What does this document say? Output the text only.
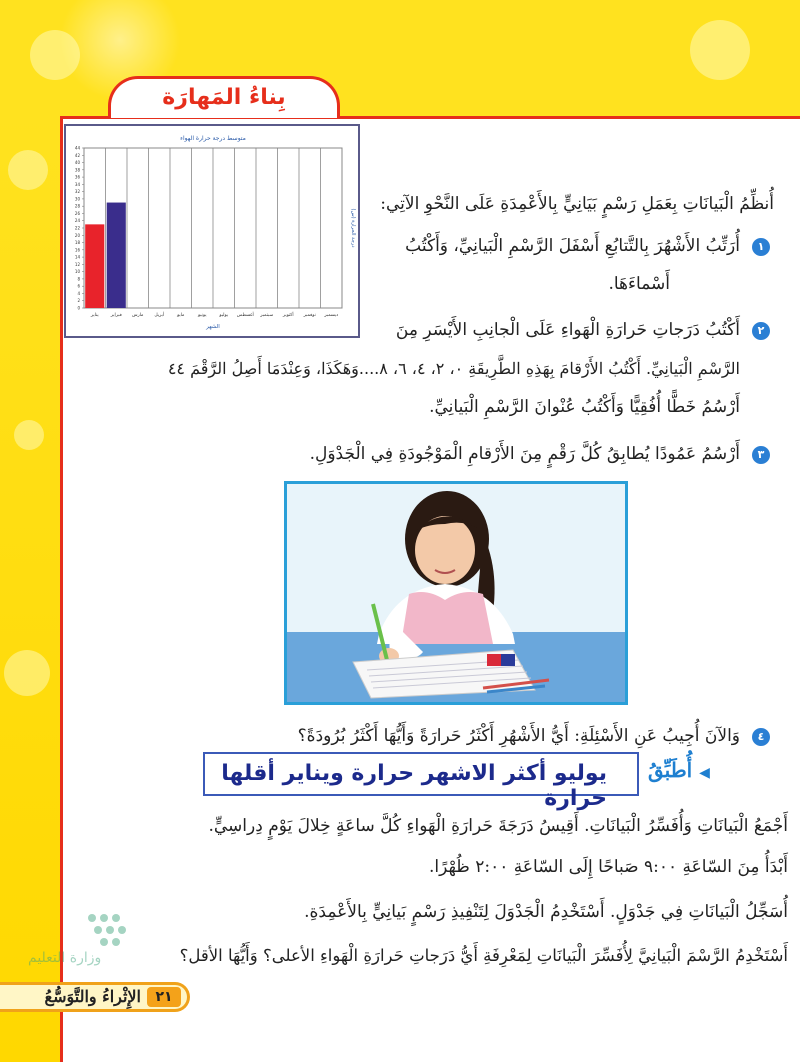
بِناءُ المَهارَة
متوسط درجة حرارة الهواء
0
2
4
6
8
10
12
14
16
18
20
22
24
26
28
30
32
34
36
38
40
42
44
يناير	فبراير مارس أبريل	مايو	يونيو	يوليو أغسطس سبتمبر أكتوبر نوفمبر ديسمبر
الشهر
درجة الحرارة (س)
أُنظِّمُ الْبَيانَاتِ بِعَمَلِ رَسْمٍ بَيَانِيٍّ بِالأَعْمِدَةِ عَلَى النَّحْوِ الآتِي:
١
أُرَتِّبُ الأَشْهُرَ بِالتَّتابُعِ أَسْفَلَ الرَّسْمِ الْبَيانِيِّ، وَأَكْتُبُ
أَسْماءَهَا.
٢
أَكْتُبُ دَرَجاتِ حَرارَةِ الْهَواءِ عَلَى الْجانِبِ الأَيْسَرِ مِنَ
الرَّسْمِ الْبَيانِيِّ. أَكْتُبُ الأَرْقامَ بِهَذِهِ الطَّرِيقَةِ ٠، ٢، ٤، ٦، ٨....وَهَكَذَا، وَعِنْدَمَا أَصِلُ الرَّقْمَ ٤٤
أَرْسُمُ خَطًّا أُفُقِيًّا وَأَكْتُبُ عُنْوانَ الرَّسْمِ الْبَيانِيِّ.
٣
أَرْسُمُ عَمُودًا يُطابِقُ كُلَّ رَقْمٍ مِنَ الأَرْقامِ الْمَوْجُودَةِ فِي الْجَدْوَلِ.
٤
وَالآنَ أُجِيبُ عَنِ الأَسْئِلَةِ: أَيُّ الأَشْهُرِ أَكْثَرُ حَرارَةً وَأَيُّهَا أَكْثَرُ بُرُودَةً؟
◀ أُطَبِّقُ
يوليو أكثر الاشهر حرارة ويناير أقلها حرارة
أَجْمَعُ الْبَيانَاتِ وَأُفَسِّرُ الْبَيانَاتِ. أَقِيسُ دَرَجَةَ حَرارَةِ الْهَواءِ كُلَّ ساعَةٍ خِلالَ يَوْمٍ دِراسِيٍّ.
أَبْدَأُ مِنَ السّاعَةِ ٩:٠٠ صَباحًا إِلَى السّاعَةِ ٢:٠٠ ظُهْرًا.
أُسَجِّلُ الْبَيانَاتِ فِي جَدْوَلٍ. أَسْتَخْدِمُ الْجَدْوَلَ لِتَنْفِيذِ رَسْمٍ بَيانِيٍّ بِالأَعْمِدَةِ.
أَسْتَخْدِمُ الرَّسْمَ الْبَيانِيَّ لِأُفَسِّرَ الْبَيانَاتِ لِمَعْرِفَةِ أَيُّ دَرَجاتِ حَرارَةِ الْهَواءِ الأعلى؟ وَأَيُّهَا الأقل؟
وزارة التعليم
الإِثْراءُ والتَّوَسُّعُ	٢١
